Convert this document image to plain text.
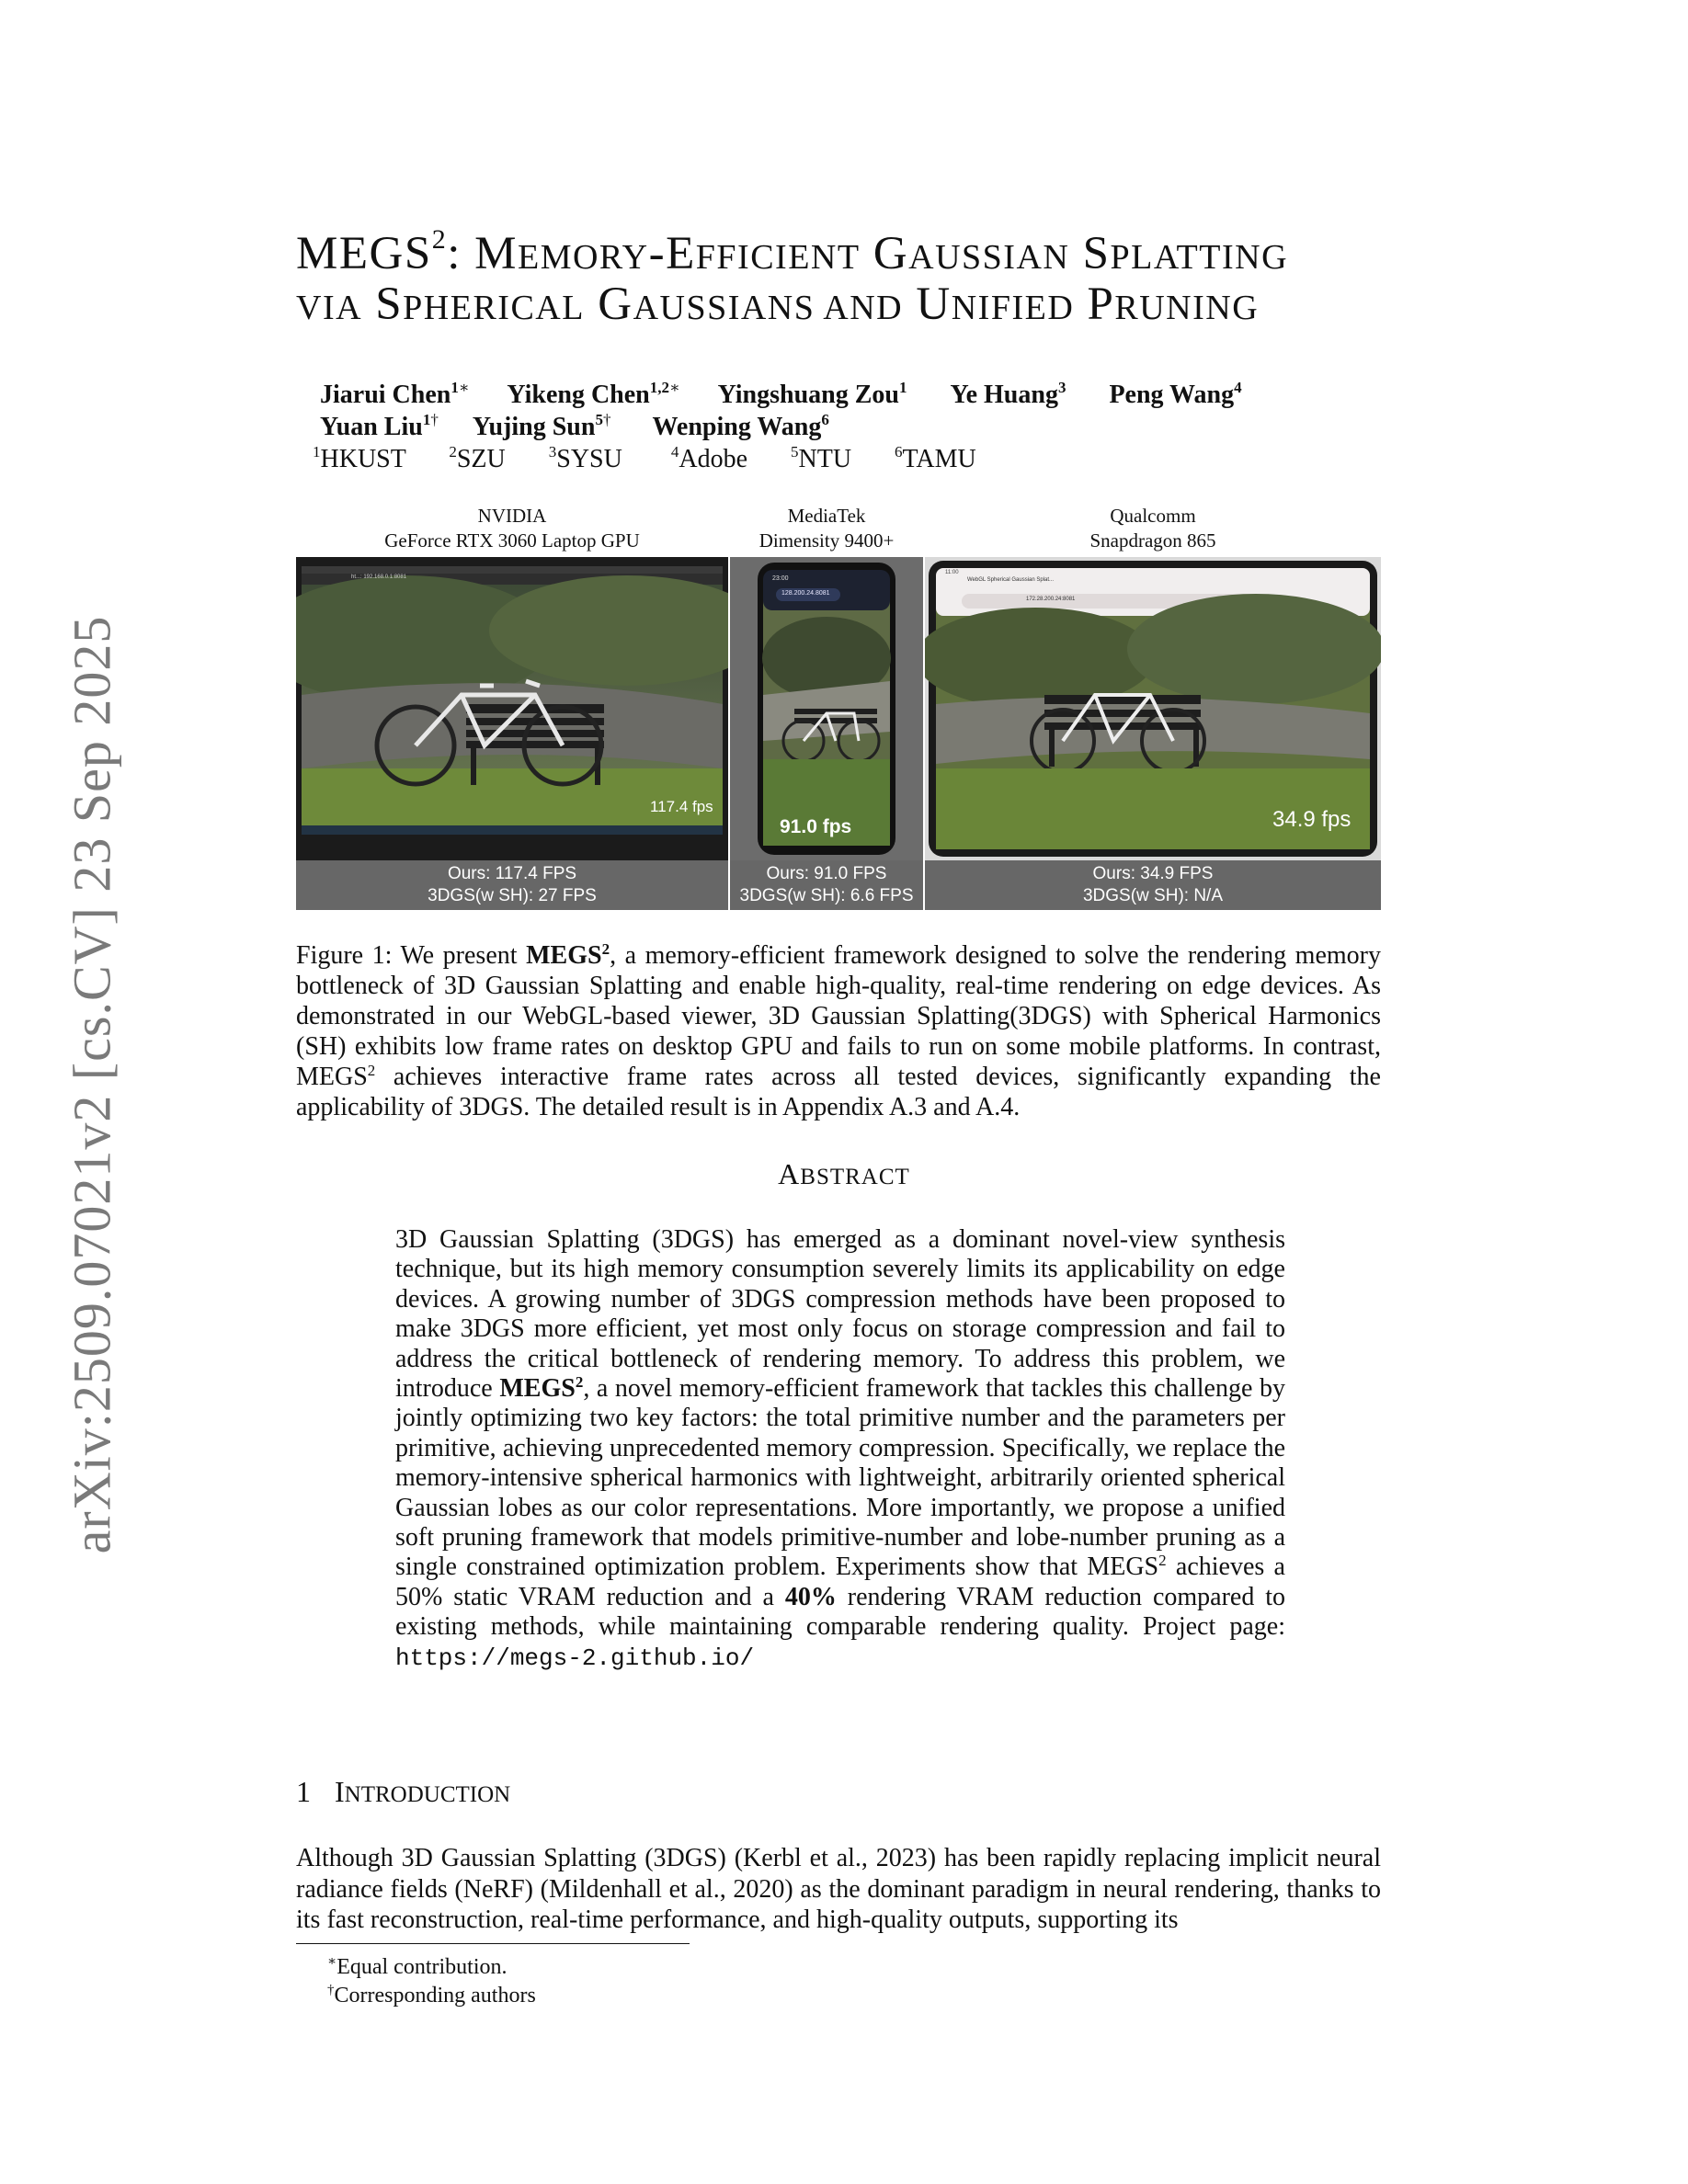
arXiv:2509.07021v2 [cs.CV] 23 Sep 2025
MEGS$^2$: MEMORY-EFFICIENT GAUSSIAN SPLATTING
VIA SPHERICAL GAUSSIANS AND UNIFIED PRUNING
Jiarui Chen$^{1∗}$ Yikeng Chen$^{1,2∗}$ Yingshuang Zou$^1$ Ye Huang$^3$ Peng Wang$^4$
Yuan Liu$^{1\dagger}$ Yujing Sun$^{5\dagger}$ Wenping Wang$^6$
$^1$HKUST	$^2$SZU	$^3$SYSU	$^4$Adobe	$^5$NTU	$^6$TAMU
NVIDIA
GeForce RTX 3060 Laptop GPU
MediaTek
Dimensity 9400+
Qualcomm
Snapdragon 865
117.4 fps
ht...: 192.168.0.1:8081	23:00
128.200.24.8081
91.0 fps
11:00
WebGL Spherical Gaussian Splat...
172.28.200.24:8081
34.9 fps
Ours: 117.4 FPS
3DGS(w SH): 27 FPS
Ours: 91.0 FPS
3DGS(w SH): 6.6 FPS
Ours: 34.9 FPS
3DGS(w SH): N/A
Figure 1: We present MEGS$^2$, a memory-efficient framework designed to solve the rendering memory bottleneck of 3D Gaussian Splatting and enable high-quality, real-time rendering on edge devices. As demonstrated in our WebGL-based viewer, 3D Gaussian Splatting(3DGS) with Spherical Harmonics (SH) exhibits low frame rates on desktop GPU and fails to run on some mobile platforms. In contrast, MEGS$^2$ achieves interactive frame rates across all tested devices, significantly expanding the applicability of 3DGS. The detailed result is in Appendix A.3 and A.4.
ABSTRACT
3D Gaussian Splatting (3DGS) has emerged as a dominant novel-view synthesis technique, but its high memory consumption severely limits its applicability on edge devices. A growing number of 3DGS compression methods have been proposed to make 3DGS more efficient, yet most only focus on storage compression and fail to address the critical bottleneck of rendering memory. To address this problem, we introduce MEGS$^2$, a novel memory-efficient framework that tackles this challenge by jointly optimizing two key factors: the total primitive number and the parameters per primitive, achieving unprecedented memory compression. Specifically, we replace the memory-intensive spherical harmonics with lightweight, arbitrarily oriented spherical Gaussian lobes as our color representations. More importantly, we propose a unified soft pruning framework that models primitive-number and lobe-number pruning as a single constrained optimization problem. Experiments show that MEGS$^2$ achieves a 50% static VRAM reduction and a 40% rendering VRAM reduction compared to existing methods, while maintaining comparable rendering quality. Project page: https://megs-2.github.io/
1 INTRODUCTION
Although 3D Gaussian Splatting (3DGS) (Kerbl et al., 2023) has been rapidly replacing implicit neural radiance fields (NeRF) (Mildenhall et al., 2020) as the dominant paradigm in neural rendering, thanks to its fast reconstruction, real-time performance, and high-quality outputs, supporting its
∗Equal contribution.
†Corresponding authors
